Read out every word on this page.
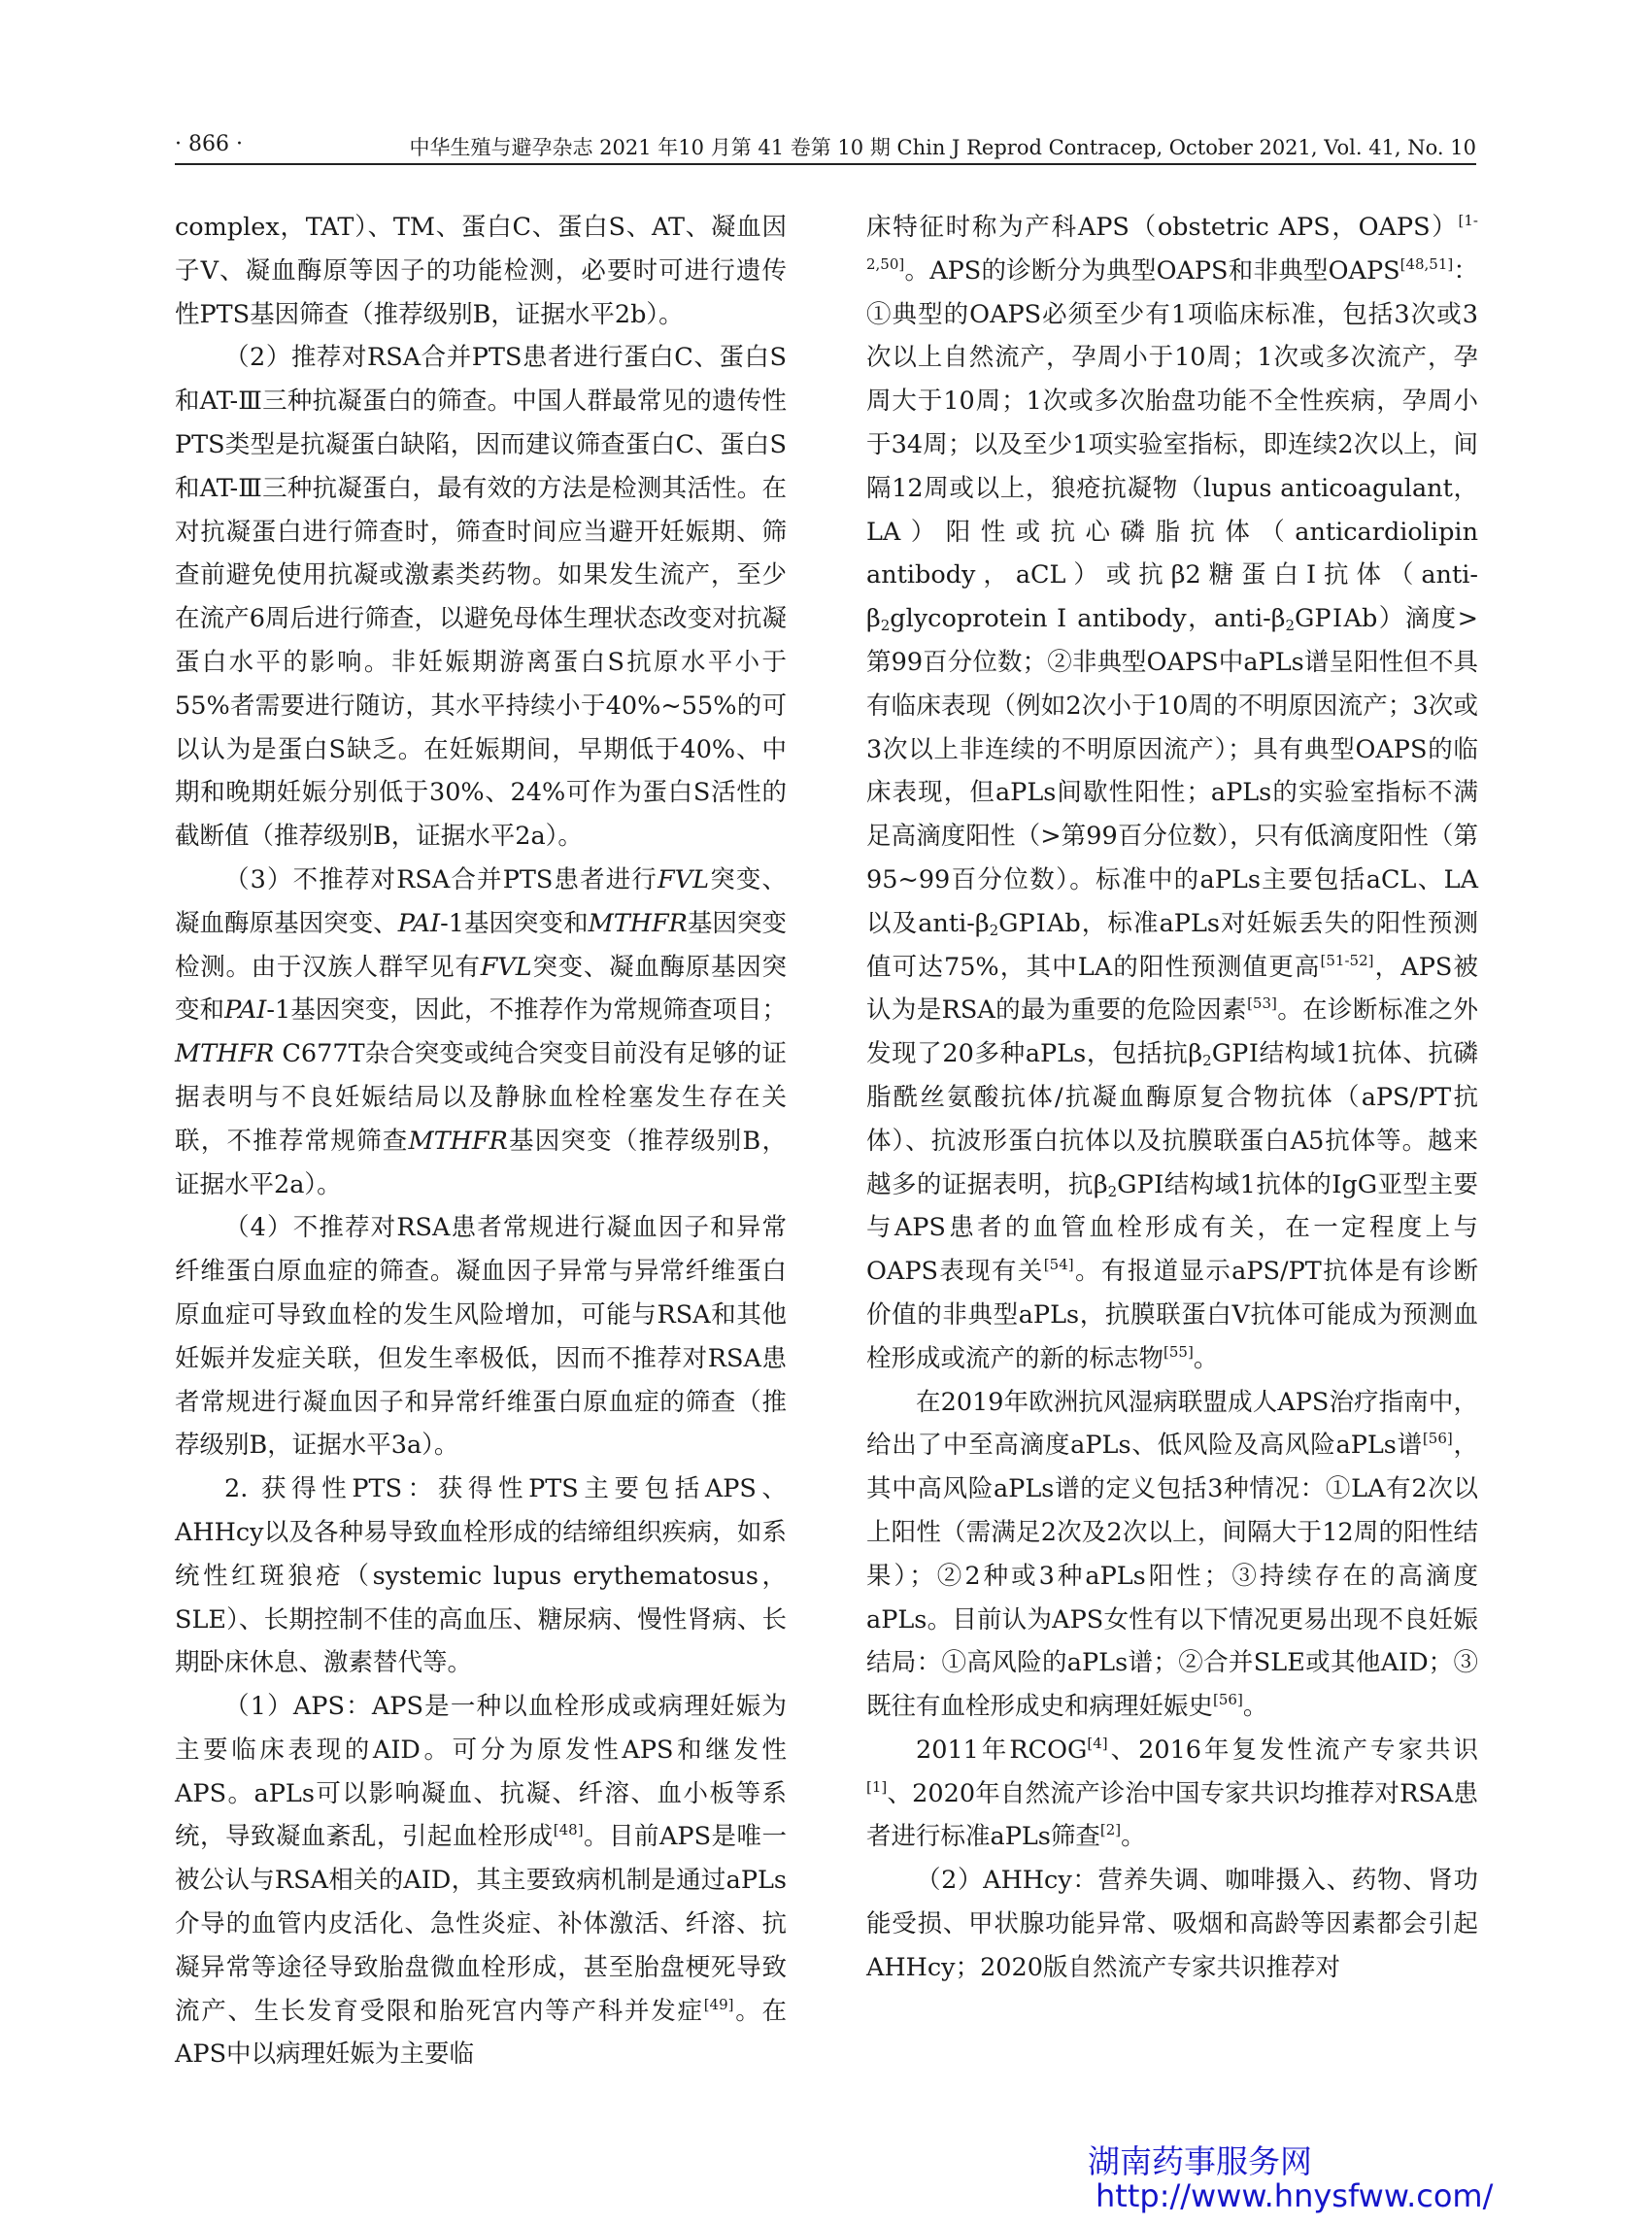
· 866 ·	中华生殖与避孕杂志 2021 年10 月第 41 卷第 10 期 Chin J Reprod Contracep, October 2021, Vol. 41, No. 10

complex，TAT）、TM、蛋白C、蛋白S、AT、凝血因子Ⅴ、凝血酶原等因子的功能检测，必要时可进行遗传性PTS基因筛查（推荐级别B，证据水平2b）。

（2）推荐对RSA合并PTS患者进行蛋白C、蛋白S和AT-Ⅲ三种抗凝蛋白的筛查。中国人群最常见的遗传性PTS类型是抗凝蛋白缺陷，因而建议筛查蛋白C、蛋白S和AT-Ⅲ三种抗凝蛋白，最有效的方法是检测其活性。在对抗凝蛋白进行筛查时，筛查时间应当避开妊娠期、筛查前避免使用抗凝或激素类药物。如果发生流产，至少在流产6周后进行筛查，以避免母体生理状态改变对抗凝蛋白水平的影响。非妊娠期游离蛋白S抗原水平小于55%者需要进行随访，其水平持续小于40%~55%的可以认为是蛋白S缺乏。在妊娠期间，早期低于40%、中期和晚期妊娠分别低于30%、24%可作为蛋白S活性的截断值（推荐级别B，证据水平2a）。

（3）不推荐对RSA合并PTS患者进行FVL突变、凝血酶原基因突变、PAI-1基因突变和MTHFR基因突变检测。由于汉族人群罕见有FVL突变、凝血酶原基因突变和PAI-1基因突变，因此，不推荐作为常规筛查项目；MTHFR C677T杂合突变或纯合突变目前没有足够的证据表明与不良妊娠结局以及静脉血栓栓塞发生存在关联，不推荐常规筛查MTHFR基因突变（推荐级别B，证据水平2a）。

（4）不推荐对RSA患者常规进行凝血因子和异常纤维蛋白原血症的筛查。凝血因子异常与异常纤维蛋白原血症可导致血栓的发生风险增加，可能与RSA和其他妊娠并发症关联，但发生率极低，因而不推荐对RSA患者常规进行凝血因子和异常纤维蛋白原血症的筛查（推荐级别B，证据水平3a）。

2. 获得性PTS：获得性PTS主要包括APS、AHHcy以及各种易导致血栓形成的结缔组织疾病，如系统性红斑狼疮（systemic lupus erythematosus，SLE）、长期控制不佳的高血压、糖尿病、慢性肾病、长期卧床休息、激素替代等。

（1）APS：APS是一种以血栓形成或病理妊娠为主要临床表现的AID。可分为原发性APS和继发性APS。aPLs可以影响凝血、抗凝、纤溶、血小板等系统，导致凝血紊乱，引起血栓形成[48]。目前APS是唯一被公认与RSA相关的AID，其主要致病机制是通过aPLs介导的血管内皮活化、急性炎症、补体激活、纤溶、抗凝异常等途径导致胎盘微血栓形成，甚至胎盘梗死导致流产、生长发育受限和胎死宫内等产科并发症[49]。在APS中以病理妊娠为主要临

床特征时称为产科APS（obstetric APS，OAPS）[1-2,50]。APS的诊断分为典型OAPS和非典型OAPS[48,51]：①典型的OAPS必须至少有1项临床标准，包括3次或3次以上自然流产，孕周小于10周；1次或多次流产，孕周大于10周；1次或多次胎盘功能不全性疾病，孕周小于34周；以及至少1项实验室指标，即连续2次以上，间隔12周或以上，狼疮抗凝物（lupus anticoagulant，LA）阳性或抗心磷脂抗体（anticardiolipin antibody，aCL）或抗β2糖蛋白Ⅰ抗体（$anti-\beta_2glycoprotein$ Ⅰ antibody，anti-$\beta_2GPⅠAb$）滴度>第99百分位数；②非典型OAPS中aPLs谱呈阳性但不具有临床表现（例如2次小于10周的不明原因流产；3次或3次以上非连续的不明原因流产）；具有典型OAPS的临床表现，但aPLs间歇性阳性；aPLs的实验室指标不满足高滴度阳性（>第99百分位数），只有低滴度阳性（第95~99百分位数）。标准中的aPLs主要包括aCL、LA以及anti-$\beta_2GPⅠAb$，标准aPLs对妊娠丢失的阳性预测值可达75%，其中LA的阳性预测值更高[51-52]，APS被认为是RSA的最为重要的危险因素[53]。在诊断标准之外发现了20多种aPLs，包括抗$\beta_2GPⅠ$结构域1抗体、抗磷脂酰丝氨酸抗体/抗凝血酶原复合物抗体（aPS/PT抗体）、抗波形蛋白抗体以及抗膜联蛋白A5抗体等。越来越多的证据表明，抗$\beta_2GPⅠ$结构域1抗体的IgG亚型主要与APS患者的血管血栓形成有关，在一定程度上与OAPS表现有关[54]。有报道显示aPS/PT抗体是有诊断价值的非典型aPLs，抗膜联蛋白Ⅴ抗体可能成为预测血栓形成或流产的新的标志物[55]。

在2019年欧洲抗风湿病联盟成人APS治疗指南中，给出了中至高滴度aPLs、低风险及高风险aPLs谱[56]，其中高风险aPLs谱的定义包括3种情况：①LA有2次以上阳性（需满足2次及2次以上，间隔大于12周的阳性结果）；②2种或3种aPLs阳性；③持续存在的高滴度aPLs。目前认为APS女性有以下情况更易出现不良妊娠结局：①高风险的aPLs谱；②合并SLE或其他AID；③既往有血栓形成史和病理妊娠史[56]。

2011年RCOG[4]、2016年复发性流产专家共识[1]、2020年自然流产诊治中国专家共识均推荐对RSA患者进行标准aPLs筛查[2]。

（2）AHHcy：营养失调、咖啡摄入、药物、肾功能受损、甲状腺功能异常、吸烟和高龄等因素都会引起AHHcy；2020版自然流产专家共识推荐对

湖南药事服务网
http://www.hnysfww.com/
